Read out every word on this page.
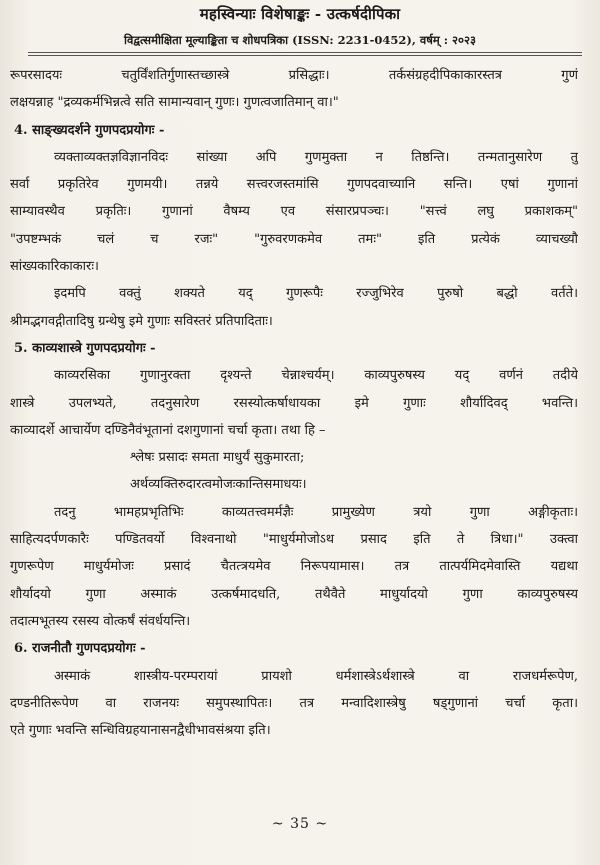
महस्विन्याः विशेषाङ्कः - उत्कर्षदीपिका
विद्वत्समीक्षिता मूल्याङ्किता च शोधपत्रिका (ISSN: 2231-0452), वर्षम् : २०२३
रूपरसादयः चतुर्विंशतिर्गुणास्तच्छास्त्रे प्रसिद्धाः। तर्कसंग्रहदीपिकाकारस्तत्र गुणं
लक्षयन्नाह "द्रव्यकर्मभिन्नत्वे सति सामान्यवान् गुणः। गुणत्वजातिमान् वा।"
4. साङ्ख्यदर्शने गुणपदप्रयोगः -
व्यक्ताव्यक्तज्ञविज्ञानविदः सांख्या अपि गुणमुक्ता न तिष्ठन्ति। तन्मतानुसारेण तु
सर्वा प्रकृतिरेव गुणमयी। तन्नये सत्त्वरजस्तमांसि गुणपदवाच्यानि सन्ति। एषां गुणानां
साम्यावस्थैव प्रकृतिः। गुणानां वैषम्य एव संसारप्रपञ्चः। "सत्त्वं लघु प्रकाशकम्"
"उपष्टम्भकं चलं च रजः" "गुरुवरणकमेव तमः" इति प्रत्येकं व्याचख्यौ
सांख्यकारिकाकारः।
इदमपि वक्तुं शक्यते यद् गुणरूपैः रज्जुभिरेव पुरुषो बद्धो वर्तते।
श्रीमद्भगवद्गीतादिषु ग्रन्थेषु इमे गुणाः सविस्तरं प्रतिपादिताः।
5. काव्यशास्त्रे गुणपदप्रयोगः -
काव्यरसिका गुणानुरक्ता दृश्यन्ते चेन्नाश्चर्यम्। काव्यपुरुषस्य यद् वर्णनं तदीये
शास्त्रे उपलभ्यते, तदनुसारेण रसस्योत्कर्षाधायका इमे गुणाः शौर्यादिवद् भवन्ति।
काव्यादर्शे आचार्येण दण्डिनैवंभूतानां दशगुणानां चर्चा कृता। तथा हि –
श्लेषः प्रसादः समता माधुर्यं सुकुमारता;
अर्थव्यक्तिरुदारत्वमोजःकान्तिसमाधयः।
तदनु भामहप्रभृतिभिः काव्यतत्त्वमर्मज्ञैः प्रामुख्येण त्रयो गुणा अङ्गीकृताः।
साहित्यदर्पणकारैः पण्डितवर्यो विश्वनाथो "माधुर्यमोजोऽथ प्रसाद इति ते त्रिधा।" उक्त्वा
गुणरूपेण माधुर्यमोजः प्रसादं चैतत्त्रयमेव निरूपयामास। तत्र तात्पर्यमिदमेवास्ति यद्यथा
शौर्यादयो गुणा अस्माकं उत्कर्षमादधति, तथैवैते माधुर्यादयो गुणा काव्यपुरुषस्य
तदात्मभूतस्य रसस्य वोत्कर्षं संवर्धयन्ति।
6. राजनीतौ गुणपदप्रयोगः -
अस्माकं शास्त्रीय-परम्परायां प्रायशो धर्मशास्त्रेऽर्थशास्त्रे वा राजधर्मरूपेण,
दण्डनीतिरूपेण वा राजनयः समुपस्थापितः। तत्र मन्वादिशास्त्रेषु षड्गुणानां चर्चा कृता।
एते गुणाः भवन्ति सन्धिविग्रहयानासनद्वैधीभावसंश्रया इति।
~ 35 ~
